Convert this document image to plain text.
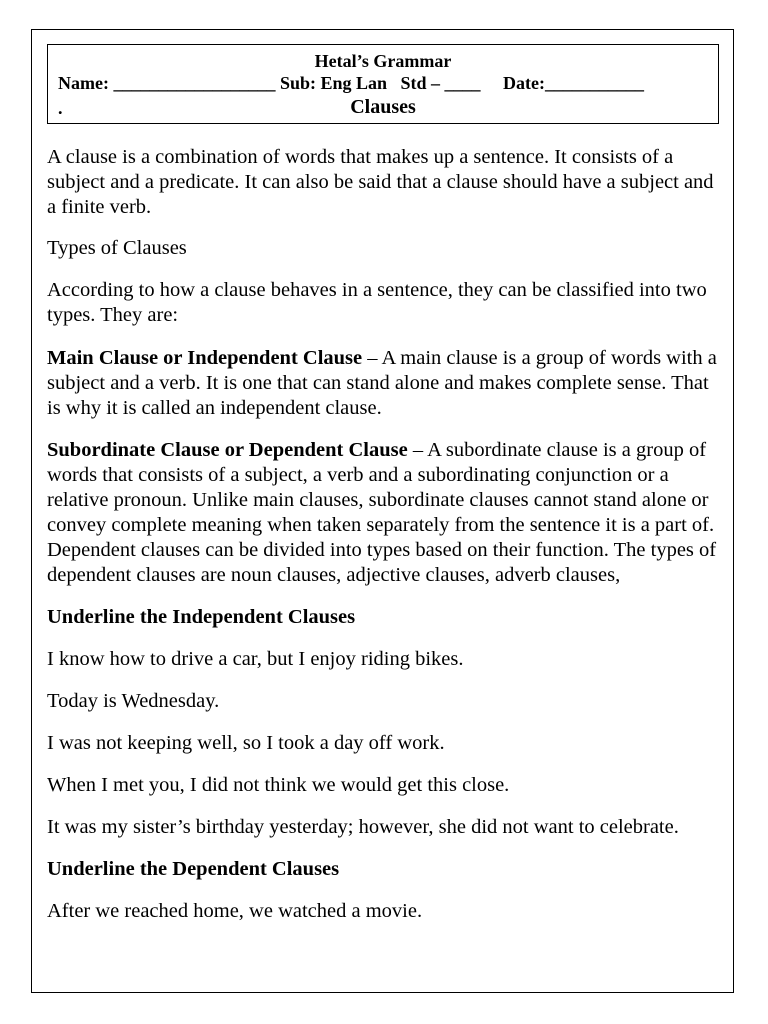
Hetal’s Grammar
Name: __________________ Sub: Eng Lan   Std – ____     Date:___________
.	Clauses

A clause is a combination of words that makes up a sentence. It consists of a subject and a predicate. It can also be said that a clause should have a subject and a finite verb.

Types of Clauses

According to how a clause behaves in a sentence, they can be classified into two types. They are:

Main Clause or Independent Clause – A main clause is a group of words with a subject and a verb. It is one that can stand alone and makes complete sense. That is why it is called an independent clause.

Subordinate Clause or Dependent Clause – A subordinate clause is a group of words that consists of a subject, a verb and a subordinating conjunction or a relative pronoun. Unlike main clauses, subordinate clauses cannot stand alone or convey complete meaning when taken separately from the sentence it is a part of. Dependent clauses can be divided into types based on their function. The types of dependent clauses are noun clauses, adjective clauses, adverb clauses,

Underline the Independent Clauses

I know how to drive a car, but I enjoy riding bikes.

Today is Wednesday.

I was not keeping well, so I took a day off work.

When I met you, I did not think we would get this close.

It was my sister’s birthday yesterday; however, she did not want to celebrate.

Underline the Dependent Clauses

After we reached home, we watched a movie.
